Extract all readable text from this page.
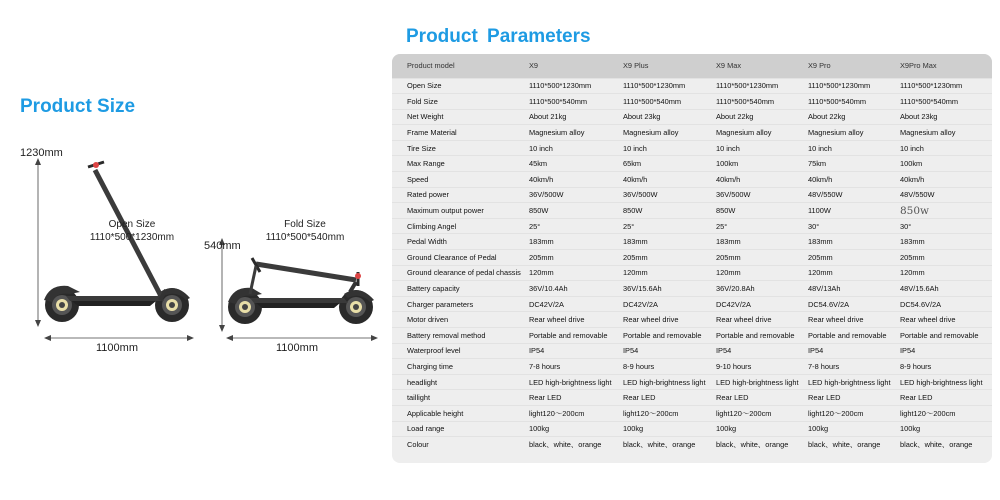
Product Size
Product Parameters
1230mm
Open Size
1110*500*1230mm
1100mm
540mm
Fold Size
1110*500*540mm
1100mm
Product model	X9	X9 Plus	X9 Max	X9 Pro	X9Pro Max
Open Size	1110*500*1230mm	1110*500*1230mm	1110*500*1230mm	1110*500*1230mm	1110*500*1230mm
Fold Size	1110*500*540mm	1110*500*540mm	1110*500*540mm	1110*500*540mm	1110*500*540mm
Net Weight	About 21kg	About 23kg	About 22kg	About 22kg	About 23kg
Frame Material	Magnesium alloy	Magnesium alloy	Magnesium alloy	Magnesium alloy	Magnesium alloy
Tire Size	10 inch	10 inch	10 inch	10 inch	10 inch
Max Range	45km	65km	100km	75km	100km
Speed	40km/h	40km/h	40km/h	40km/h	40km/h
Rated power	36V/500W	36V/500W	36V/500W	48V/550W	48V/550W
Maximum output power	850W	850W	850W	1100W	850w
Climbing Angel	25°	25°	25°	30°	30°
Pedal Width	183mm	183mm	183mm	183mm	183mm
Ground Clearance of Pedal	205mm	205mm	205mm	205mm	205mm
Ground clearance of pedal chassis	120mm	120mm	120mm	120mm	120mm
Battery capacity	36V/10.4Ah	36V/15.6Ah	36V/20.8Ah	48V/13Ah	48V/15.6Ah
Charger parameters	DC42V/2A	DC42V/2A	DC42V/2A	DC54.6V/2A	DC54.6V/2A
Motor driven	Rear wheel drive	Rear wheel drive	Rear wheel drive	Rear wheel drive	Rear wheel drive
Battery removal method	Portable and removable	Portable and removable	Portable and removable	Portable and removable	Portable and removable
Waterproof level	IP54	IP54	IP54	IP54	IP54
Charging time	7-8 hours	8-9 hours	9-10 hours	7-8 hours	8-9 hours
headlight	LED high-brightness light	LED high-brightness light	LED high-brightness light	LED high-brightness light	LED high-brightness light
taillight	Rear LED	Rear LED	Rear LED	Rear LED	Rear LED
Applicable height	light120～200cm	light120～200cm	light120～200cm	light120～200cm	light120～200cm
Load range	100kg	100kg	100kg	100kg	100kg
Colour	black、white、orange	black、white、orange	black、white、orange	black、white、orange	black、white、orange
